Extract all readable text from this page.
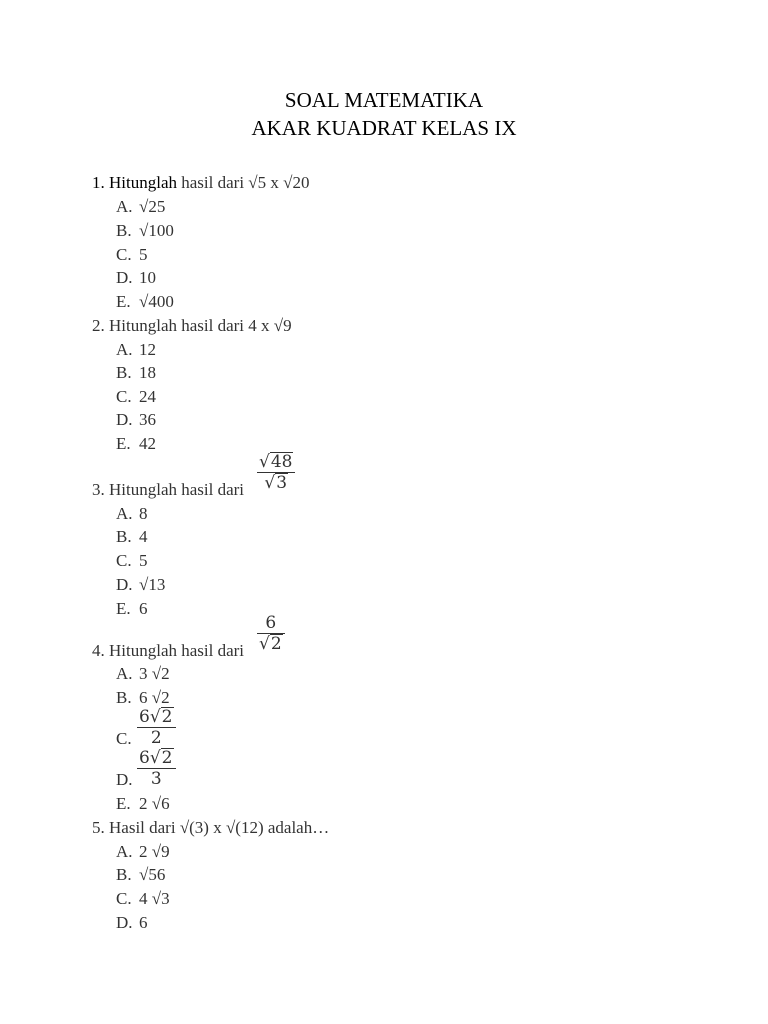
SOAL MATEMATIKA
AKAR KUADRAT KELAS IX
1. Hitunglah hasil dari √5 x √20
A. √25
B. √100
C. 5
D. 10
E. √400
2. Hitunglah hasil dari 4 x √9
A. 12
B. 18
C. 24
D. 36
E. 42
3. Hitunglah hasil dari
√48
√3
A. 8
B. 4
C. 5
D. √13
E. 6
4. Hitunglah hasil dari
6
√2
A. 3 √2
B. 6 √2
C.
6√2
2
D.
6√2
3
E. 2 √6
5. Hasil dari √(3) x √(12) adalah…
A. 2 √9
B. √56
C. 4 √3
D. 6
